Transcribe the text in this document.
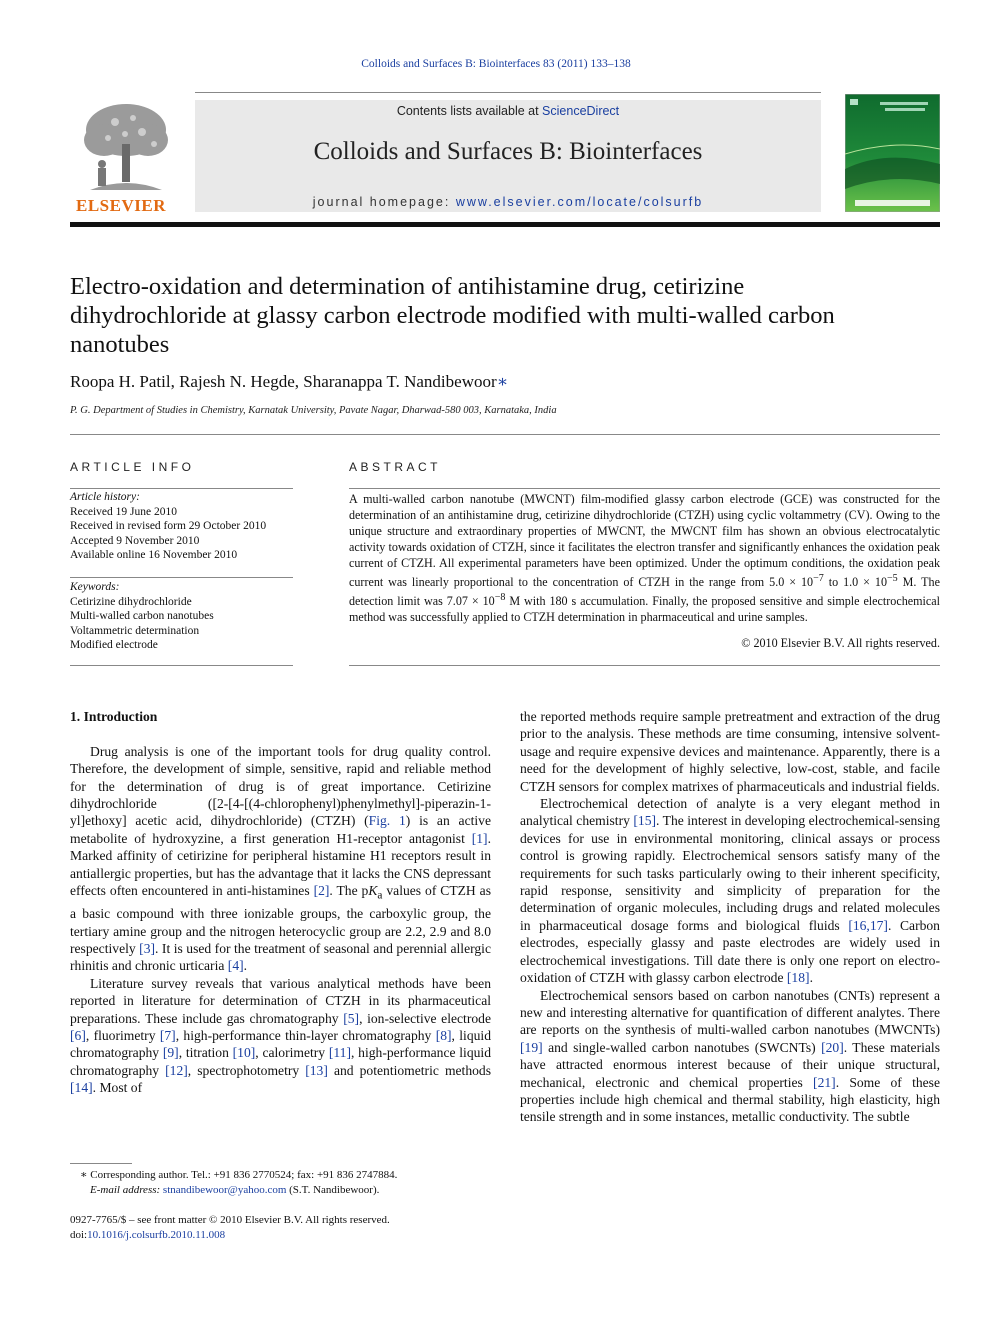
Colloids and Surfaces B: Biointerfaces 83 (2011) 133–138
ELSEVIER
Contents lists available at ScienceDirect
Colloids and Surfaces B: Biointerfaces
journal homepage: www.elsevier.com/locate/colsurfb
Electro-oxidation and determination of antihistamine drug, cetirizine dihydrochloride at glassy carbon electrode modified with multi-walled carbon nanotubes
Roopa H. Patil, Rajesh N. Hegde, Sharanappa T. Nandibewoor∗
P. G. Department of Studies in Chemistry, Karnatak University, Pavate Nagar, Dharwad-580 003, Karnataka, India
ARTICLE INFO
Article history:
Received 19 June 2010
Received in revised form 29 October 2010
Accepted 9 November 2010
Available online 16 November 2010
Keywords:
Cetirizine dihydrochloride
Multi-walled carbon nanotubes
Voltammetric determination
Modified electrode
ABSTRACT
A multi-walled carbon nanotube (MWCNT) film-modified glassy carbon electrode (GCE) was constructed for the determination of an antihistamine drug, cetirizine dihydrochloride (CTZH) using cyclic voltammetry (CV). Owing to the unique structure and extraordinary properties of MWCNT, the MWCNT film has shown an obvious electrocatalytic activity towards oxidation of CTZH, since it facilitates the electron transfer and significantly enhances the oxidation peak current of CTZH. All experimental parameters have been optimized. Under the optimum conditions, the oxidation peak current was linearly proportional to the concentration of CTZH in the range from $5.0 \times 10^{-7}$ to $1.0 \times 10^{-5}$ M. The detection limit was $7.07 \times 10^{-8}$ M with 180 s accumulation. Finally, the proposed sensitive and simple electrochemical method was successfully applied to CTZH determination in pharmaceutical and urine samples.
© 2010 Elsevier B.V. All rights reserved.

1. Introduction

Drug analysis is one of the important tools for drug quality control. Therefore, the development of simple, sensitive, rapid and reliable method for the determination of drug is of great importance. Cetirizine dihydrochloride ([2-[4-[(4-chlorophenyl)phenylmethyl]-piperazin-1-yl]ethoxy] acetic acid, dihydrochloride) (CTZH) (Fig. 1) is an active metabolite of hydroxyzine, a first generation H1-receptor antagonist [1]. Marked affinity of cetirizine for peripheral histamine H1 receptors result in antiallergic properties, but has the advantage that it lacks the CNS depressant effects often encountered in anti-histamines [2]. The $pK_a$ values of CTZH as a basic compound with three ionizable groups, the carboxylic group, the tertiary amine group and the nitrogen heterocyclic group are 2.2, 2.9 and 8.0 respectively [3]. It is used for the treatment of seasonal and perennial allergic rhinitis and chronic urticaria [4].

Literature survey reveals that various analytical methods have been reported in literature for determination of CTZH in its pharmaceutical preparations. These include gas chromatography [5], ion-selective electrode [6], fluorimetry [7], high-performance thin-layer chromatography [8], liquid chromatography [9], titration [10], calorimetry [11], high-performance liquid chromatography [12], spectrophotometry [13] and potentiometric methods [14]. Most of

the reported methods require sample pretreatment and extraction of the drug prior to the analysis. These methods are time consuming, intensive solvent-usage and require expensive devices and maintenance. Apparently, there is a need for the development of highly selective, low-cost, stable, and facile CTZH sensors for complex matrixes of pharmaceuticals and industrial fields.

Electrochemical detection of analyte is a very elegant method in analytical chemistry [15]. The interest in developing electrochemical-sensing devices for use in environmental monitoring, clinical assays or process control is growing rapidly. Electrochemical sensors satisfy many of the requirements for such tasks particularly owing to their inherent specificity, rapid response, sensitivity and simplicity of preparation for the determination of organic molecules, including drugs and related molecules in pharmaceutical dosage forms and biological fluids [16,17]. Carbon electrodes, especially glassy and paste electrodes are widely used in electrochemical investigations. Till date there is only one report on electro-oxidation of CTZH with glassy carbon electrode [18].

Electrochemical sensors based on carbon nanotubes (CNTs) represent a new and interesting alternative for quantification of different analytes. There are reports on the synthesis of multi-walled carbon nanotubes (MWCNTs) [19] and single-walled carbon nanotubes (SWCNTs) [20]. These materials have attracted enormous interest because of their unique structural, mechanical, electronic and chemical properties [21]. Some of these properties include high chemical and thermal stability, high elasticity, high tensile strength and in some instances, metallic conductivity. The subtle

∗ Corresponding author. Tel.: +91 836 2770524; fax: +91 836 2747884.
E-mail address: stnandibewoor@yahoo.com (S.T. Nandibewoor).
0927-7765/$ – see front matter © 2010 Elsevier B.V. All rights reserved.
doi:10.1016/j.colsurfb.2010.11.008
